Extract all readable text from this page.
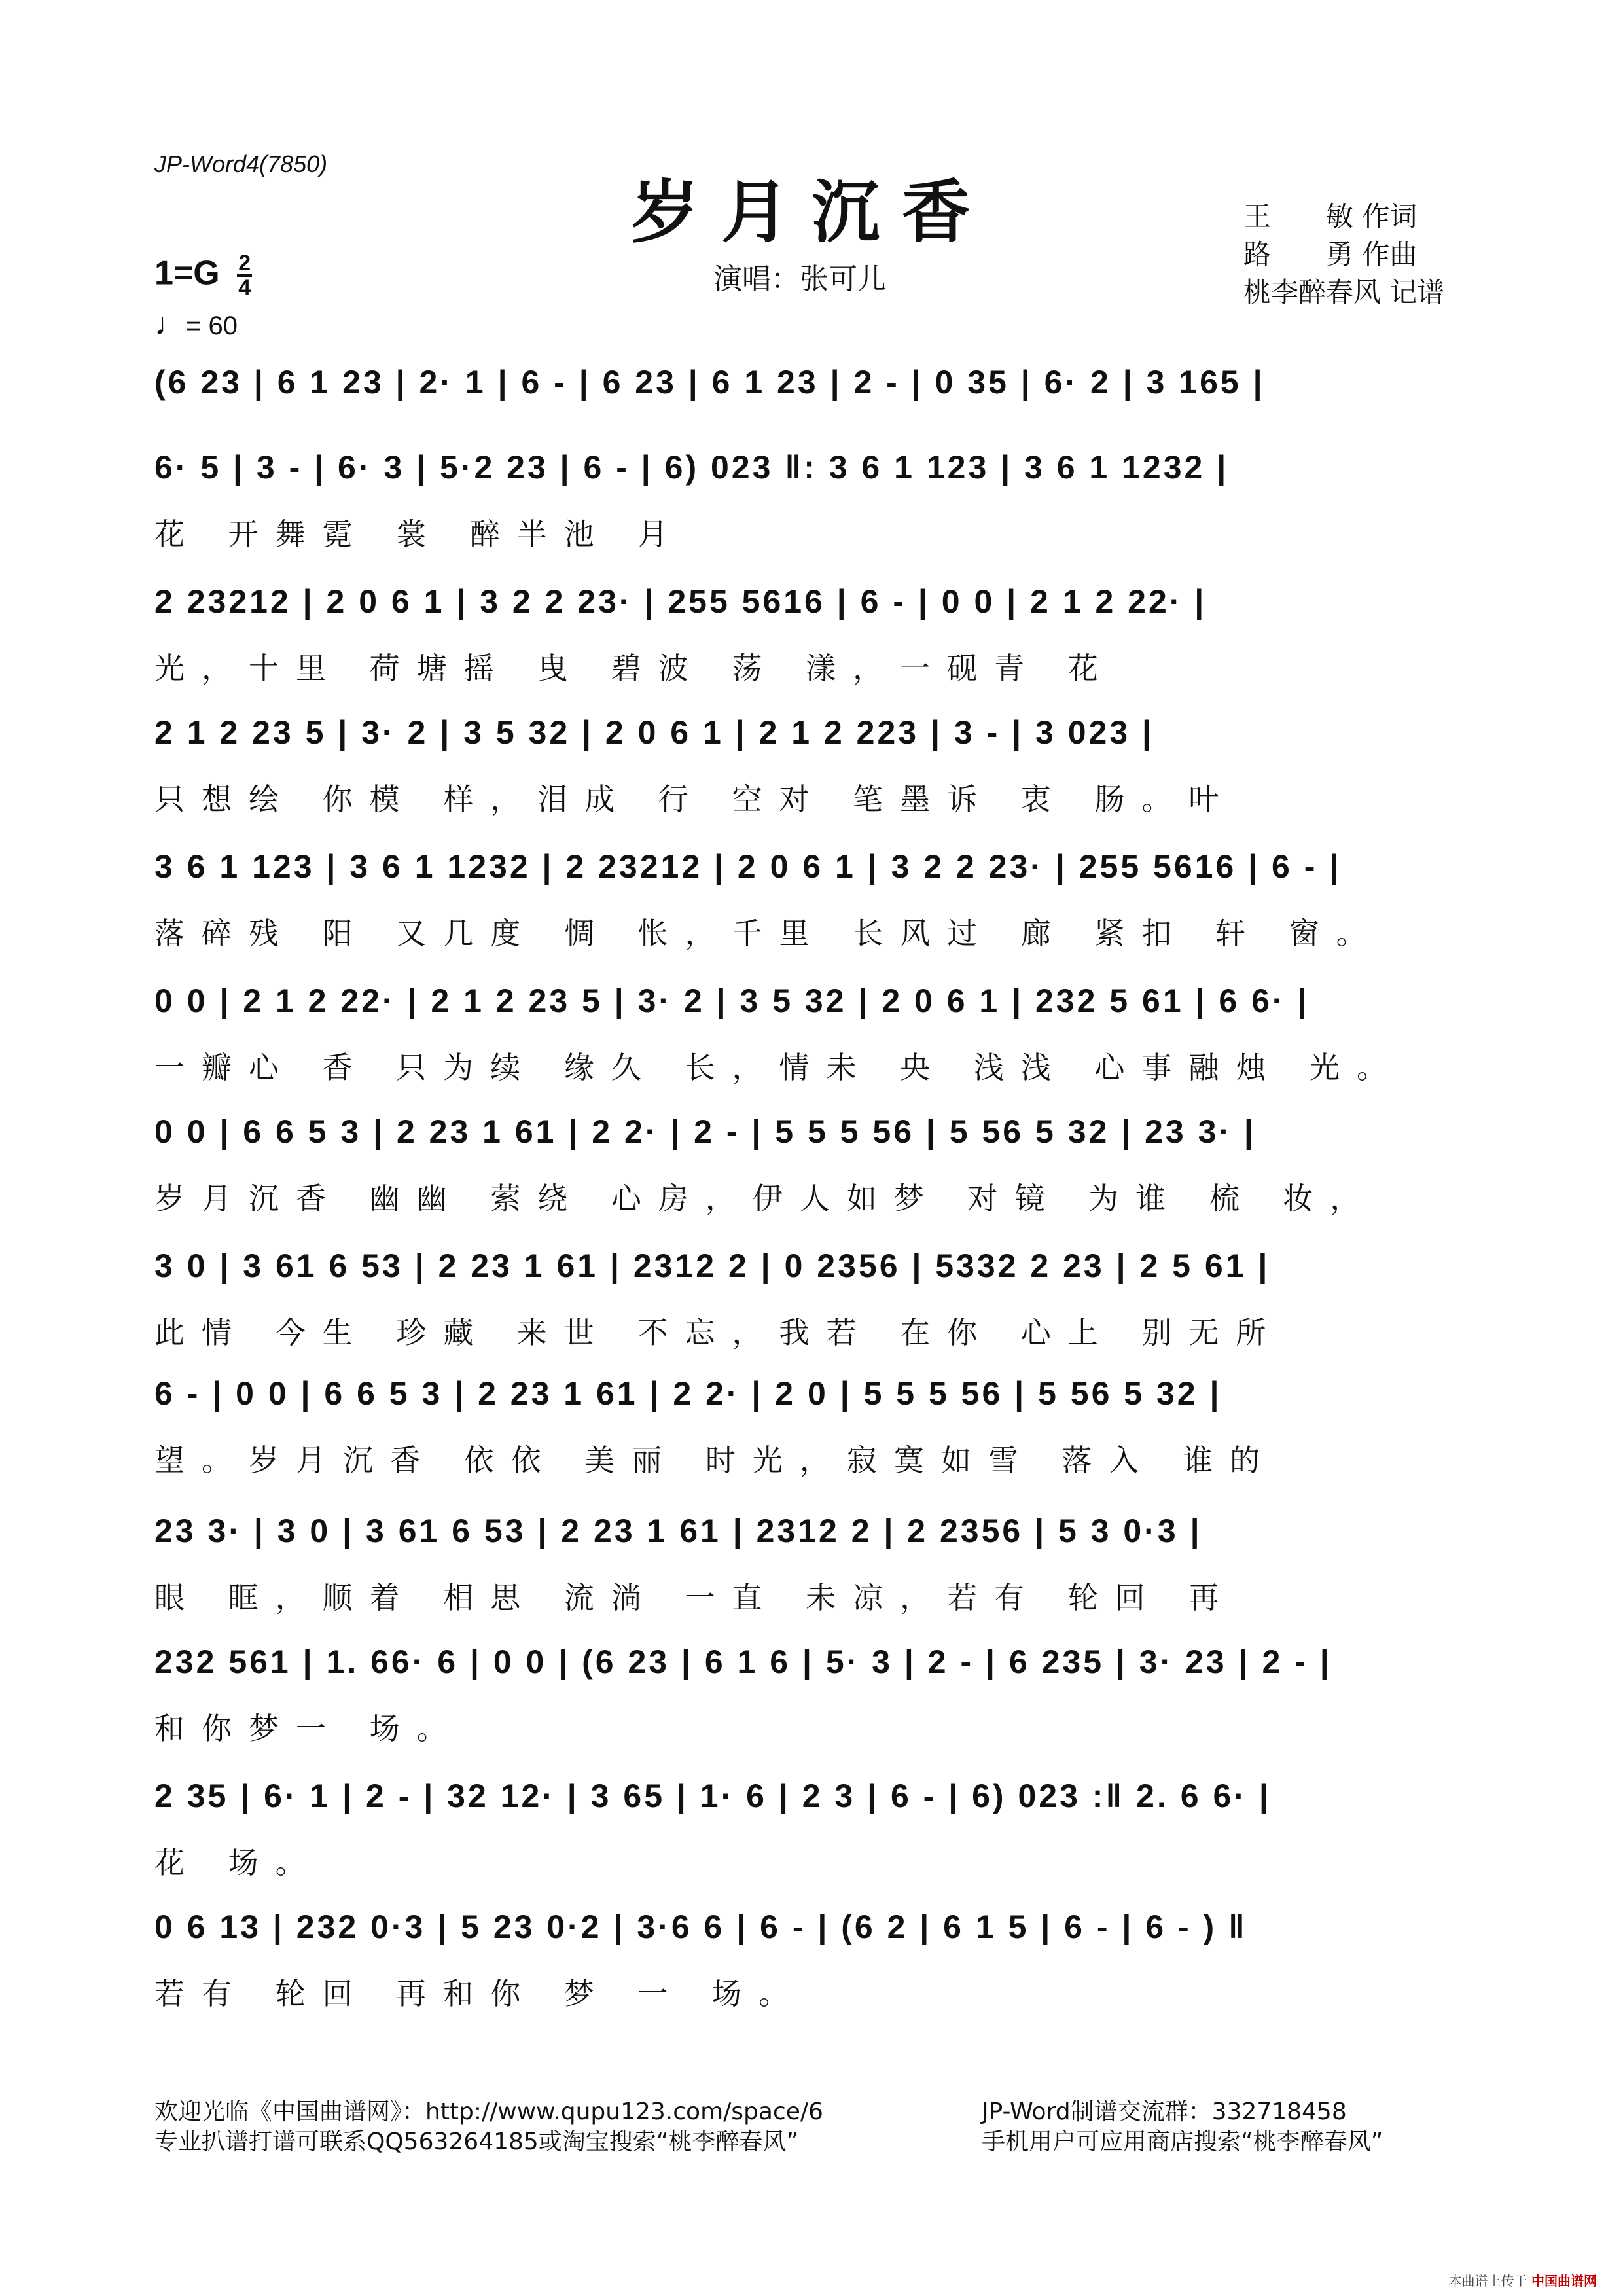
JP-Word4(7850)
岁月沉香
演唱：张可儿
王　　敏 作词
路　　勇 作曲
桃李醉春风 记谱
$1=G \frac{2}{4}$
♩= 60
(6 23 | 6 1 23 | 2· 1 | 6 - | 6 23 | 6 1 23 | 2 - | 0 35 | 6· 2 | 3 165 |
6· 5 | 3 - | 6· 3 | 5·2 23 | 6 - | 6) 023 ‖: 3 6 1 123 | 3 6 1 1232 |
花 开舞霓 裳 醉半池 月
2 23212 | 2 0 6 1 | 3 2 2 23· | 255 5616 | 6 - | 0 0 | 2 1 2 22· |
光，十里 荷塘摇 曳 碧波 荡 漾，一砚青 花
2 1 2 23 5 | 3· 2 | 3 5 32 | 2 0 6 1 | 2 1 2 223 | 3 - | 3 023 |
只想绘 你模 样，泪成 行 空对 笔墨诉 衷 肠。叶
3 6 1 123 | 3 6 1 1232 | 2 23212 | 2 0 6 1 | 3 2 2 23· | 255 5616 | 6 - |
落碎残 阳 又几度 惆 怅，千里 长风过 廊 紧扣 轩 窗。
0 0 | 2 1 2 22· | 2 1 2 23 5 | 3· 2 | 3 5 32 | 2 0 6 1 | 232 5 61 | 6 6· |
一瓣心 香 只为续 缘久 长，情未 央 浅浅 心事融烛 光。
0 0 | 6 6 5 3 | 2 23 1 61 | 2 2· | 2 - | 5 5 5 56 | 5 56 5 32 | 23 3· |
岁月沉香 幽幽 萦绕 心房，伊人如梦 对镜 为谁 梳 妆，
3 0 | 3 61 6 53 | 2 23 1 61 | 2312 2 | 0 2356 | 5332 2 23 | 2 5 61 |
此情 今生 珍藏 来世 不忘，我若 在你 心上 别无所
6 - | 0 0 | 6 6 5 3 | 2 23 1 61 | 2 2· | 2 0 | 5 5 5 56 | 5 56 5 32 |
望。岁月沉香 依依 美丽 时光，寂寞如雪 落入 谁的
23 3· | 3 0 | 3 61 6 53 | 2 23 1 61 | 2312 2 | 2 2356 | 5 3 0·3 |
眼 眶，顺着 相思 流淌 一直 未凉，若有 轮回 再
232 561 | 1. 66· 6 | 0 0 | (6 23 | 6 1 6 | 5· 3 | 2 - | 6 235 | 3· 23 | 2 - |
和你梦一 场。
2 35 | 6· 1 | 2 - | 32 12· | 3 65 | 1· 6 | 2 3 | 6 - | 6) 023 :‖ 2. 6 6· |
花 场。
0 6 13 | 232 0·3 | 5 23 0·2 | 3·6 6 | 6 - | (6 2 | 6 1 5 | 6 - | 6 - ) ‖
若有 轮回 再和你 梦 一 场。
欢迎光临《中国曲谱网》：http://www.qupu123.com/space/6	JP-Word制谱交流群：332718458
专业扒谱打谱可联系QQ563264185或淘宝搜索“桃李醉春风”	手机用户可应用商店搜索“桃李醉春风”
本曲谱上传于 中国曲谱网
